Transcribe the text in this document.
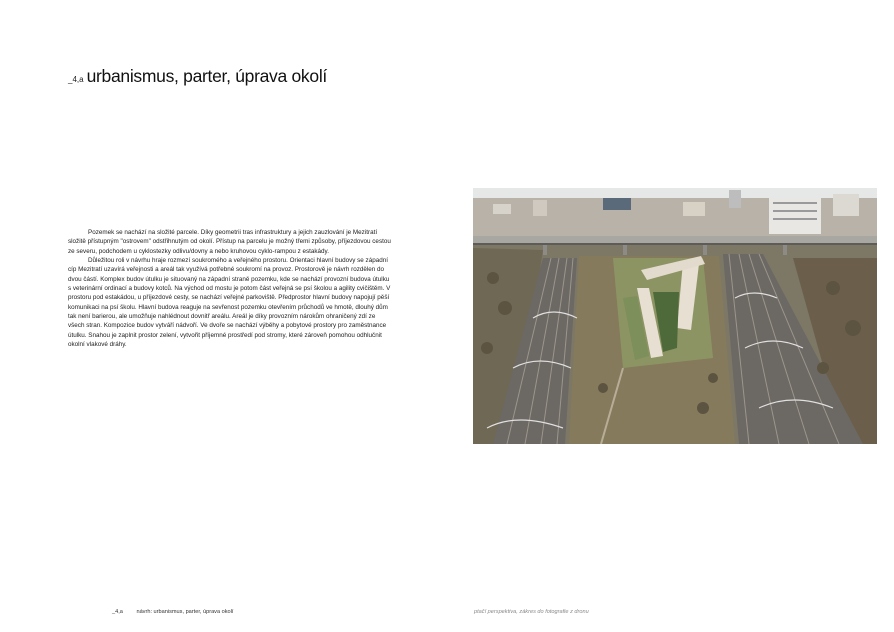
_4,a urbanismus, parter, úprava okolí

Pozemek se nachází na složité parcele. Díky geometrii tras infrastruktury a jejich zauzlování je Mezitratí složitě přístupným "ostrovem" odstřihnutým od okolí. Přístup na parcelu je možný třemi způsoby, příjezdovou cestou ze severu, podchodem u cyklostezky odlivu/dovny a nebo kruhovou cyklo-rampou z estakády.

Důležitou roli v návrhu hraje rozmezí soukromého a veřejného prostoru. Orientaci hlavní budovy se západní cíp Mezitratí uzavírá veřejnosti a areál tak využívá potřebné soukromí na provoz. Prostorově je návrh rozdělen do dvou částí. Komplex budov útulku je situovaný na západní straně pozemku, kde se nachází provozní budova útulku s veterinární ordinací a budovy kotců. Na východ od mostu je potom část veřejná se psí školou a agility cvičištěm. V prostoru pod estakádou, u příjezdové cesty, se nachází veřejné parkoviště. Předprostor hlavní budovy napojují pěší komunikaci na psí školu. Hlavní budova reaguje na sevřenost pozemku otevřením průchodů ve hmotě, dlouhý dům tak není barierou, ale umožňuje nahlédnout dovnitř areálu. Areál je díky provozním nárokům ohraničený zdí ze všech stran. Kompozice budov vytváří nádvoří. Ve dvoře se nachází výběhy a pobytové prostory pro zaměstnance útulku. Snahou je zaplnit prostor zelení, vytvořit příjemné prostředí pod stromy, které zároveň pomohou odhlučnit okolní vlakové dráhy.

_4,a návrh: urbanismus, parter, úprava okolí	ptačí perspektiva, zákres do fotografie z dronu
